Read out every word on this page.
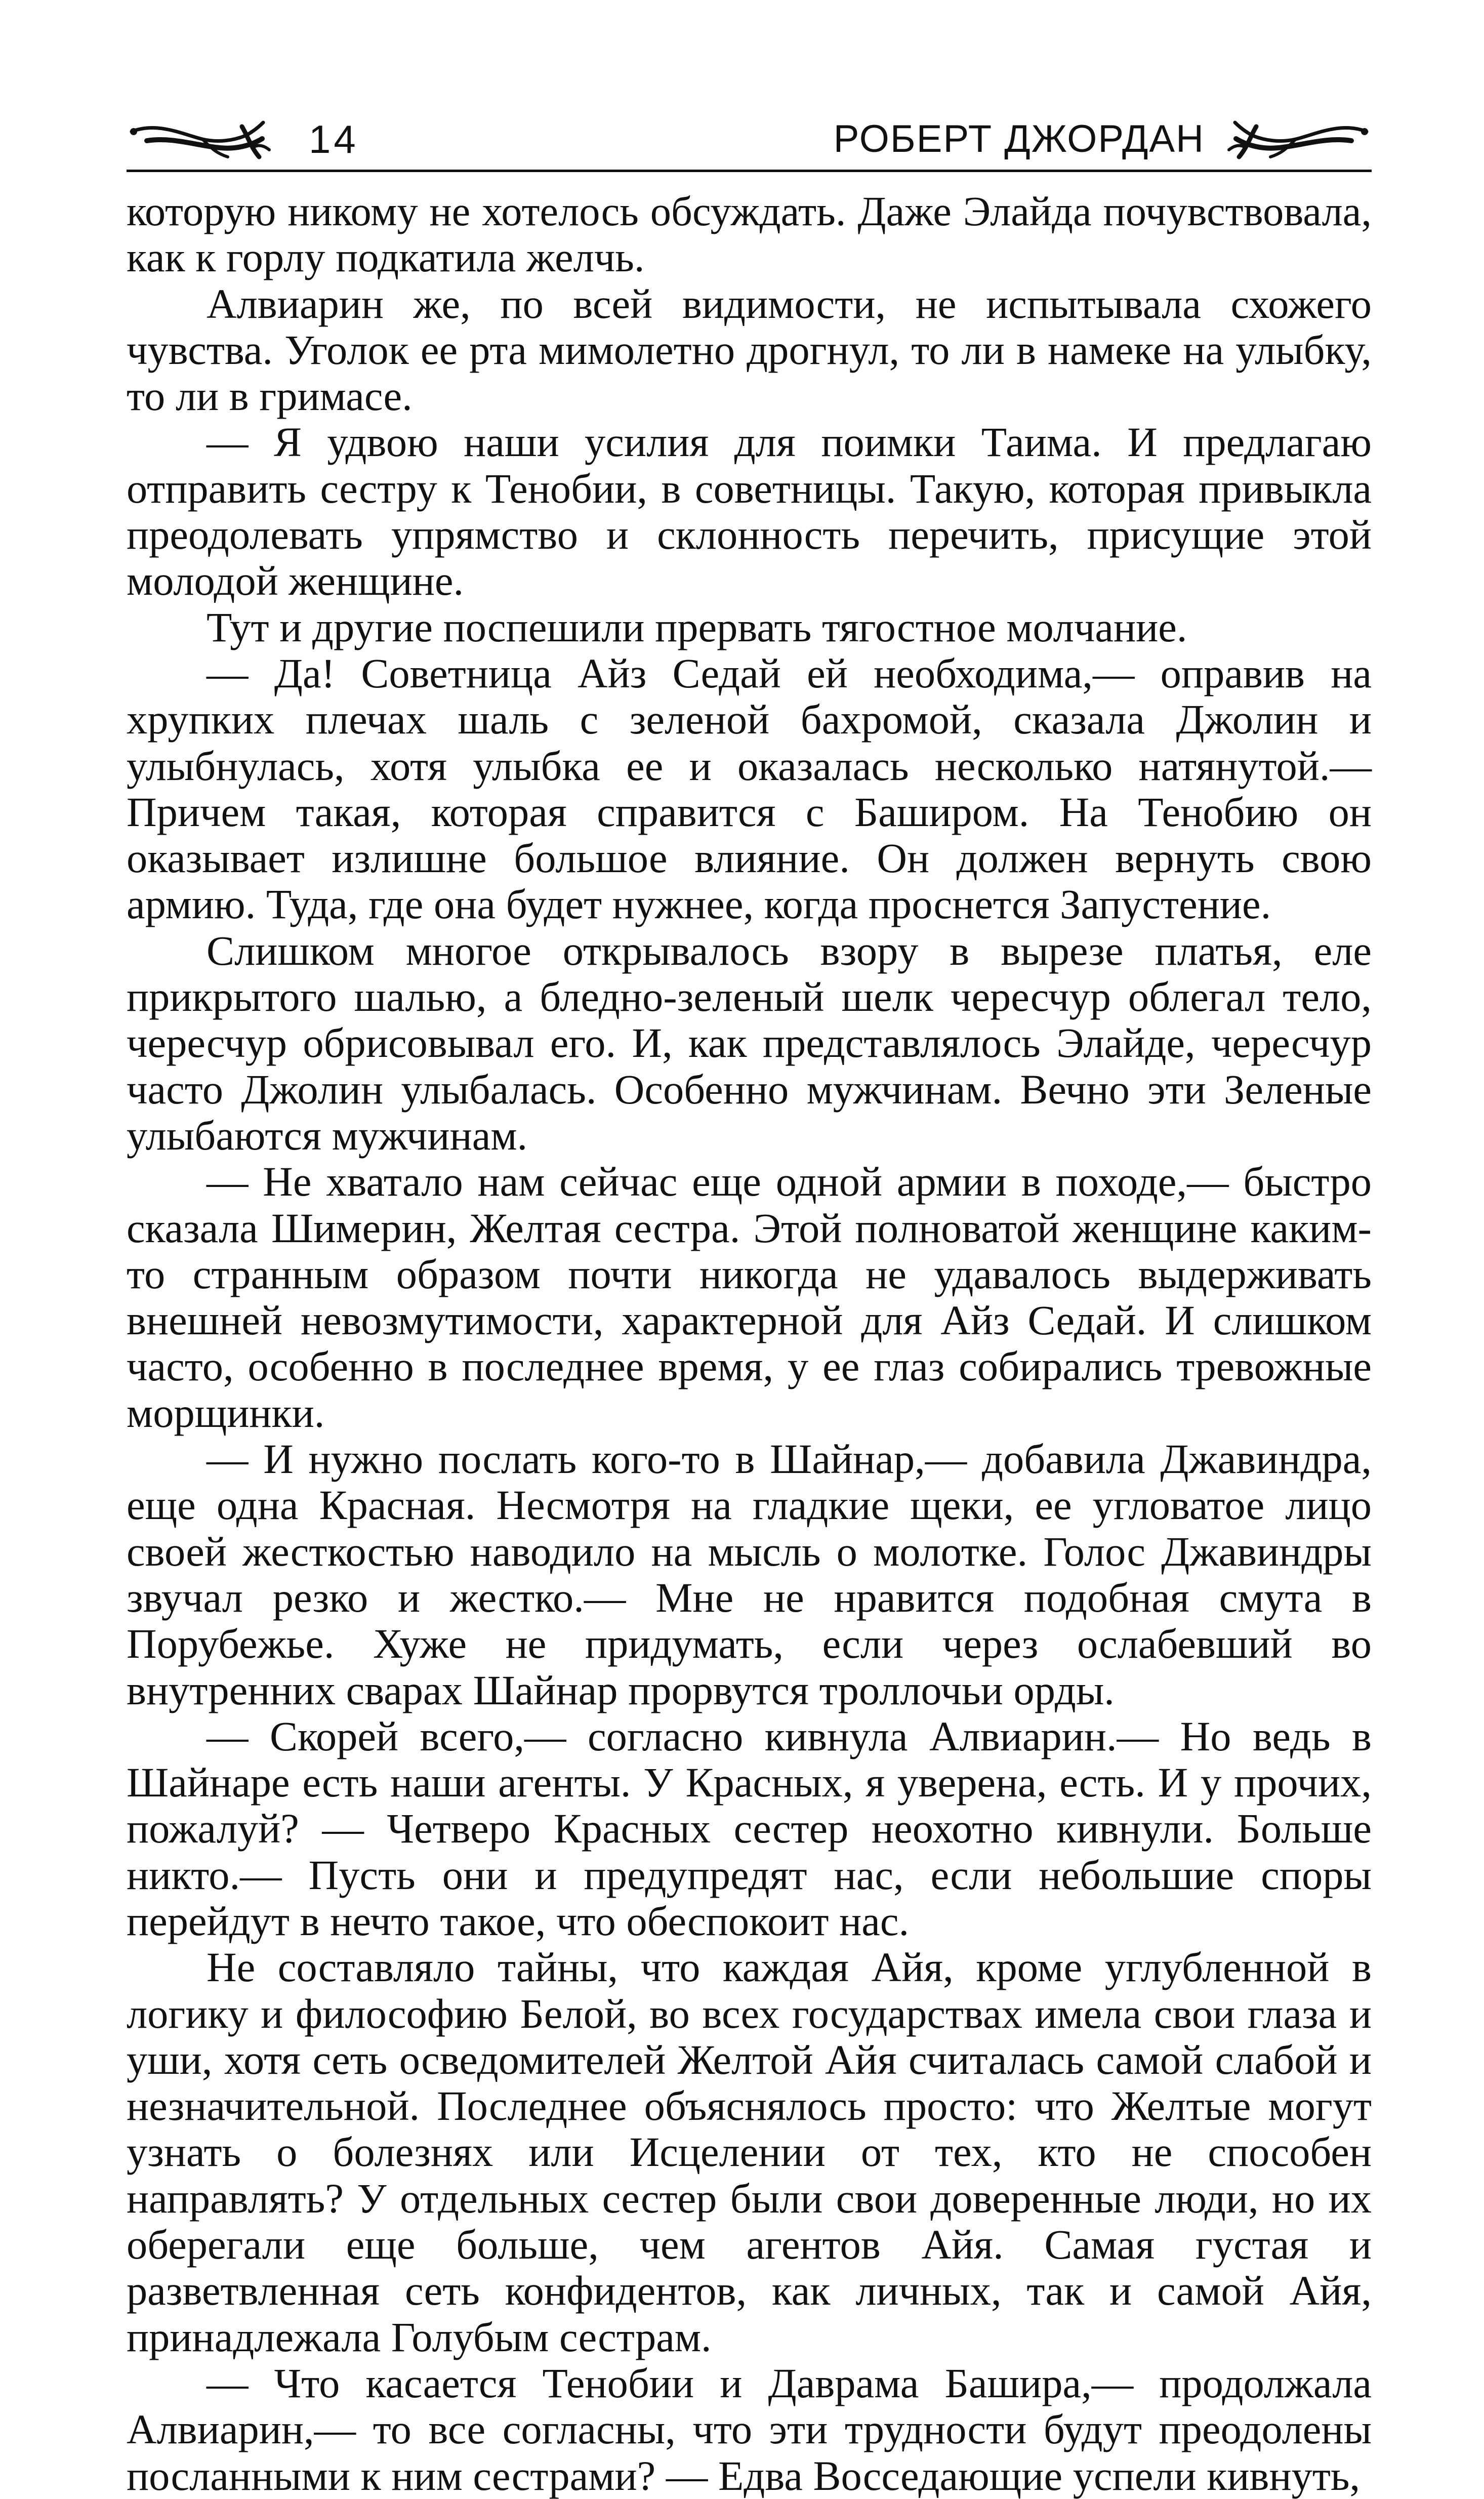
14	РОБЕРТ ДЖОРДАН

которую никому не хотелось обсуждать. Даже Элайда почувствовала, как к горлу подкатила желчь.

Алвиарин же, по всей видимости, не испытывала схожего чувства. Уголок ее рта мимолетно дрогнул, то ли в намеке на улыбку, то ли в гримасе.

— Я удвою наши усилия для поимки Таима. И предлагаю отправить сестру к Тенобии, в советницы. Такую, которая привыкла преодолевать упрямство и склонность перечить, присущие этой молодой женщине.

Тут и другие поспешили прервать тягостное молчание.

— Да! Советница Айз Седай ей необходима,— оправив на хрупких плечах шаль с зеленой бахромой, сказала Джолин и улыбнулась, хотя улыбка ее и оказалась несколько натянутой.— Причем такая, которая справится с Баширом. На Тенобию он оказывает излишне большое влияние. Он должен вернуть свою армию. Туда, где она будет нужнее, когда проснется Запустение.

Слишком многое открывалось взору в вырезе платья, еле прикрытого шалью, а бледно-зеленый шелк чересчур облегал тело, чересчур обрисовывал его. И, как представлялось Элайде, чересчур часто Джолин улыбалась. Особенно мужчинам. Вечно эти Зеленые улыбаются мужчинам.

— Не хватало нам сейчас еще одной армии в походе,— быстро сказала Шимерин, Желтая сестра. Этой полноватой женщине каким-то странным образом почти никогда не удавалось выдерживать внешней невозмутимости, характерной для Айз Седай. И слишком часто, особенно в последнее время, у ее глаз собирались тревожные морщинки.

— И нужно послать кого-то в Шайнар,— добавила Джавиндра, еще одна Красная. Несмотря на гладкие щеки, ее угловатое лицо своей жесткостью наводило на мысль о молотке. Голос Джавиндры звучал резко и жестко.— Мне не нравится подобная смута в Порубежье. Хуже не придумать, если через ослабевший во внутренних сварах Шайнар прорвутся троллочьи орды.

— Скорей всего,— согласно кивнула Алвиарин.— Но ведь в Шайнаре есть наши агенты. У Красных, я уверена, есть. И у прочих, пожалуй? — Четверо Красных сестер неохотно кивнули. Больше никто.— Пусть они и предупредят нас, если небольшие споры перейдут в нечто такое, что обеспокоит нас.

Не составляло тайны, что каждая Айя, кроме углубленной в логику и философию Белой, во всех государствах имела свои глаза и уши, хотя сеть осведомителей Желтой Айя считалась самой слабой и незначительной. Последнее объяснялось просто: что Желтые могут узнать о болезнях или Исцелении от тех, кто не способен направлять? У отдельных сестер были свои доверенные люди, но их оберегали еще больше, чем агентов Айя. Самая густая и разветвленная сеть конфидентов, как личных, так и самой Айя, принадлежала Голубым сестрам.

— Что касается Тенобии и Даврама Башира,— продолжала Алвиарин,— то все согласны, что эти трудности будут преодолены посланными к ним сестрами? — Едва Восседающие успели кивнуть,
